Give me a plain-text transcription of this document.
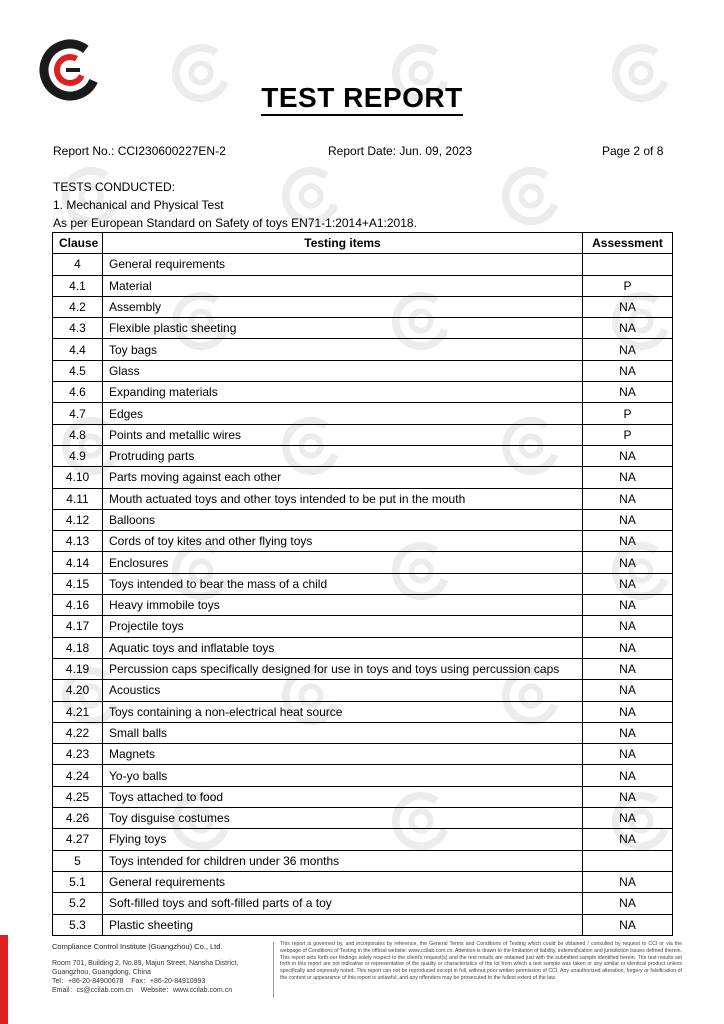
TEST REPORT
Report No.: CCI230600227EN-2	Report Date: Jun. 09, 2023	Page 2 of 8
TESTS CONDUCTED:
1. Mechanical and Physical Test
As per European Standard on Safety of toys EN71-1:2014+A1:2018.
Clause	Testing items	Assessment
4	General requirements	
4.1	Material	P
4.2	Assembly	NA
4.3	Flexible plastic sheeting	NA
4.4	Toy bags	NA
4.5	Glass	NA
4.6	Expanding materials	NA
4.7	Edges	P
4.8	Points and metallic wires	P
4.9	Protruding parts	NA
4.10	Parts moving against each other	NA
4.11	Mouth actuated toys and other toys intended to be put in the mouth	NA
4.12	Balloons	NA
4.13	Cords of toy kites and other flying toys	NA
4.14	Enclosures	NA
4.15	Toys intended to bear the mass of a child	NA
4.16	Heavy immobile toys	NA
4.17	Projectile toys	NA
4.18	Aquatic toys and inflatable toys	NA
4.19	Percussion caps specifically designed for use in toys and toys using percussion caps	NA
4.20	Acoustics	NA
4.21	Toys containing a non-electrical heat source	NA
4.22	Small balls	NA
4.23	Magnets	NA
4.24	Yo-yo balls	NA
4.25	Toys attached to food	NA
4.26	Toy disguise costumes	NA
4.27	Flying toys	NA
5	Toys intended for children under 36 months	
5.1	General requirements	NA
5.2	Soft-filled toys and soft-filled parts of a toy	NA
5.3	Plastic sheeting	NA
Compliance Control Institute (Guangzhou) Co., Ltd.
Room 701, Building 2, No.89, Majun Street, Nansha District, Guangzhou, Guangdong, China
Tel：+86-20-84900678 Fax：+86-20-84910993
Email：cs@ccilab.com.cn Website：www.ccilab.com.cn
This report is governed by, and incorporates by reference, the General Terms and Conditions of Testing which could be obtained / consulted by request to CCI or via the webpage of Conditions of Testing in the official website: www.ccilab.com.cn. Attention is drawn to the limitation of liability, indemnification and jurisdiction issues defined therein. This report sets forth our findings solely respect to the client's request(s) and the test results are obtained just with the submitted sample identified herein. The test results set forth in this report are not indicative or representative of the quality or characteristics of the lot from which a test sample was taken or any similar or identical product unless specifically and expressly noted. This report can not be reproduced except in full, without prior written permission of CCI. Any unauthorized alteration, forgery or falsification of the content or appearance of this report is unlawful, and any offenders may be prosecuted to the fullest extent of the law.
